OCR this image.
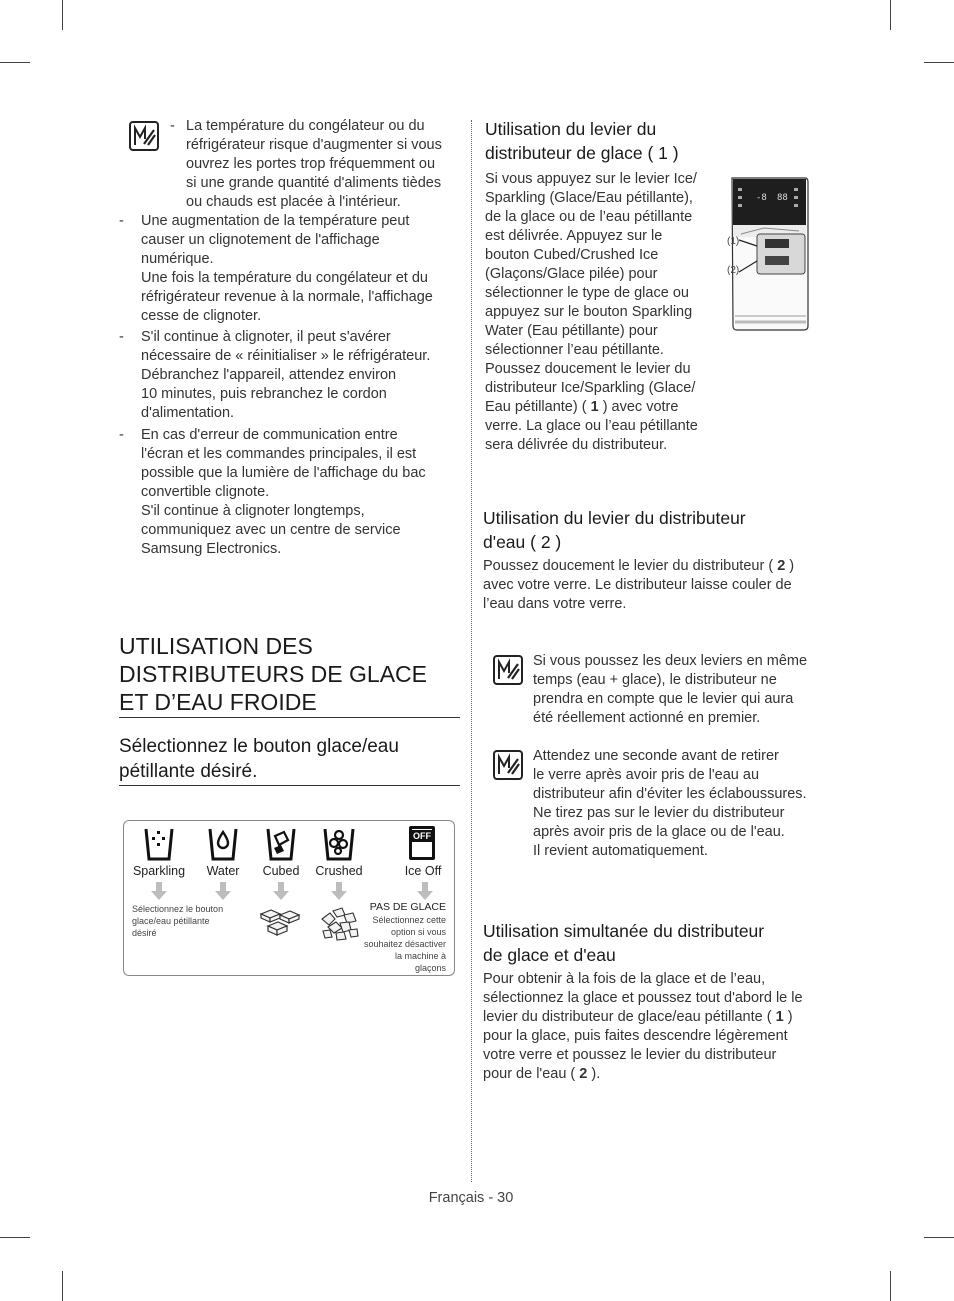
- La température du congélateur ou du

réfrigérateur risque d'augmenter si vous

ouvrez les portes trop fréquemment ou

si une grande quantité d'aliments tièdes

ou chauds est placée à l'intérieur.

- Une augmentation de la température peut

causer un clignotement de l'affichage

numérique.

Une fois la température du congélateur et du

réfrigérateur revenue à la normale, l'affichage

cesse de clignoter.

- S'il continue à clignoter, il peut s'avérer

nécessaire de « réinitialiser » le réfrigérateur.

Débranchez l'appareil, attendez environ

10 minutes, puis rebranchez le cordon

d'alimentation.

- En cas d'erreur de communication entre

l'écran et les commandes principales, il est

possible que la lumière de l'affichage du bac

convertible clignote.

S'il continue à clignoter longtemps,

communiquez avec un centre de service

Samsung Electronics.

UTILISATION DES
DISTRIBUTEURS DE GLACE
ET D’EAU FROIDE
Sélectionnez le bouton glace/eau
pétillante désiré.
OFF
Sparkling	Water	Cubed	Crushed	Ice Off
Sélectionnez le bouton
glace/eau pétillante
désiré
PAS DE GLACE
Sélectionnez cette
option si vous
souhaitez désactiver
la machine à
glaçons
Utilisation du levier du
distributeur de glace ( 1 )

Si vous appuyez sur le levier Ice/

Sparkling (Glace/Eau pétillante),

de la glace ou de l’eau pétillante

est délivrée. Appuyez sur le

bouton Cubed/Crushed Ice

(Glaçons/Glace pilée) pour

sélectionner le type de glace ou

appuyez sur le bouton Sparkling

Water (Eau pétillante) pour

sélectionner l’eau pétillante.

Poussez doucement le levier du

distributeur Ice/Sparkling (Glace/

Eau pétillante) ( 1 ) avec votre

verre. La glace ou l’eau pétillante

sera délivrée du distributeur.

-8 88
(1)
(2)
Utilisation du levier du distributeur
d'eau ( 2 )

Poussez doucement le levier du distributeur ( 2 )

avec votre verre. Le distributeur laisse couler de

l’eau dans votre verre.

Si vous poussez les deux leviers en même

temps (eau + glace), le distributeur ne

prendra en compte que le levier qui aura

été réellement actionné en premier.

Attendez une seconde avant de retirer

le verre après avoir pris de l'eau au

distributeur afin d'éviter les éclaboussures.

Ne tirez pas sur le levier du distributeur

après avoir pris de la glace ou de l'eau.

Il revient automatiquement.

Utilisation simultanée du distributeur
de glace et d'eau

Pour obtenir à la fois de la glace et de l’eau,

sélectionnez la glace et poussez tout d'abord le le

levier du distributeur de glace/eau pétillante ( 1 )

pour la glace, puis faites descendre légèrement

votre verre et poussez le levier du distributeur

pour de l'eau ( 2 ).

Français - 30
